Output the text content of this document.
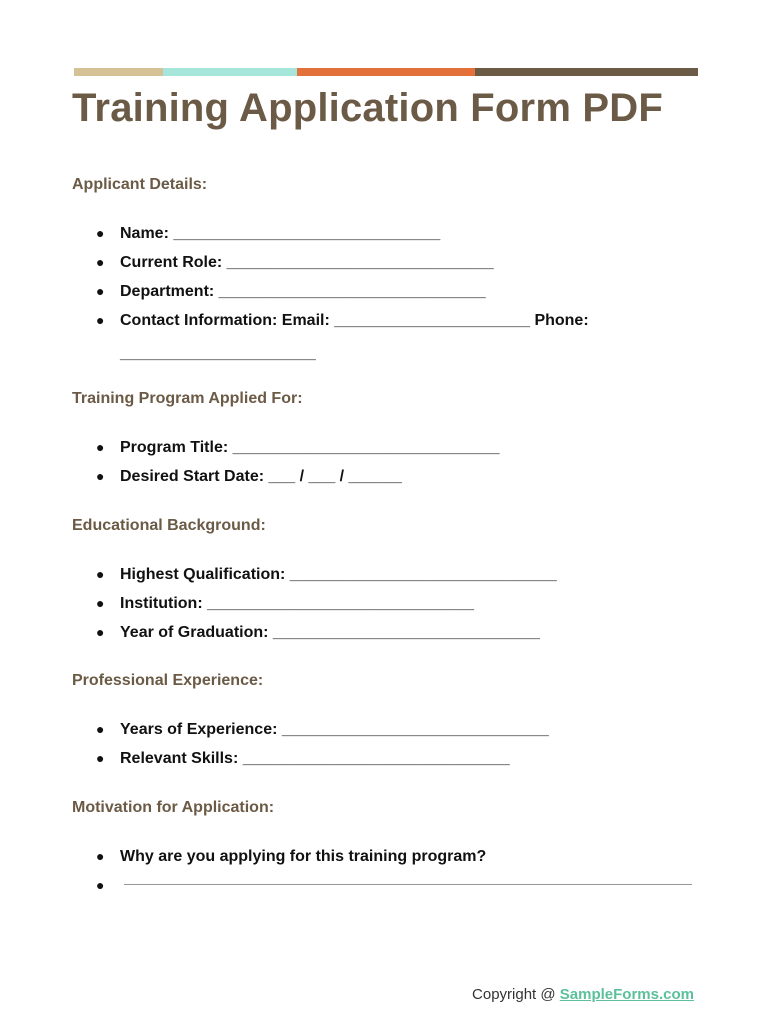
Training Application Form PDF
Applicant Details:
● Name: ______________________________
● Current Role: ______________________________
● Department: ______________________________
● Contact Information: Email: ______________________ Phone:
______________________
Training Program Applied For:
● Program Title: ______________________________
● Desired Start Date: ___ / ___ / ______
Educational Background:
● Highest Qualification: ______________________________
● Institution: ______________________________
● Year of Graduation: ______________________________
Professional Experience:
● Years of Experience: ______________________________
● Relevant Skills: ______________________________
Motivation for Application:
● Why are you applying for this training program?
●
Copyright @ SampleForms.com
